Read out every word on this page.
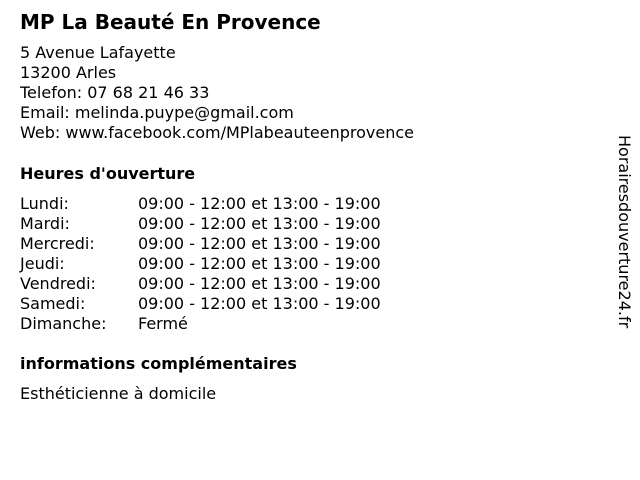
MP La Beauté En Provence
5 Avenue Lafayette
13200 Arles
Telefon: 07 68 21 46 33
Email: melinda.puype@gmail.com
Web: www.facebook.com/MPlabeauteenprovence
Heures d'ouverture
Lundi:	09:00 - 12:00 et 13:00 - 19:00
Mardi:	09:00 - 12:00 et 13:00 - 19:00
Mercredi:	09:00 - 12:00 et 13:00 - 19:00
Jeudi:	09:00 - 12:00 et 13:00 - 19:00
Vendredi:	09:00 - 12:00 et 13:00 - 19:00
Samedi:	09:00 - 12:00 et 13:00 - 19:00
Dimanche: Fermé
informations complémentaires
Esthéticienne à domicile
Horairesdouverture24.fr
